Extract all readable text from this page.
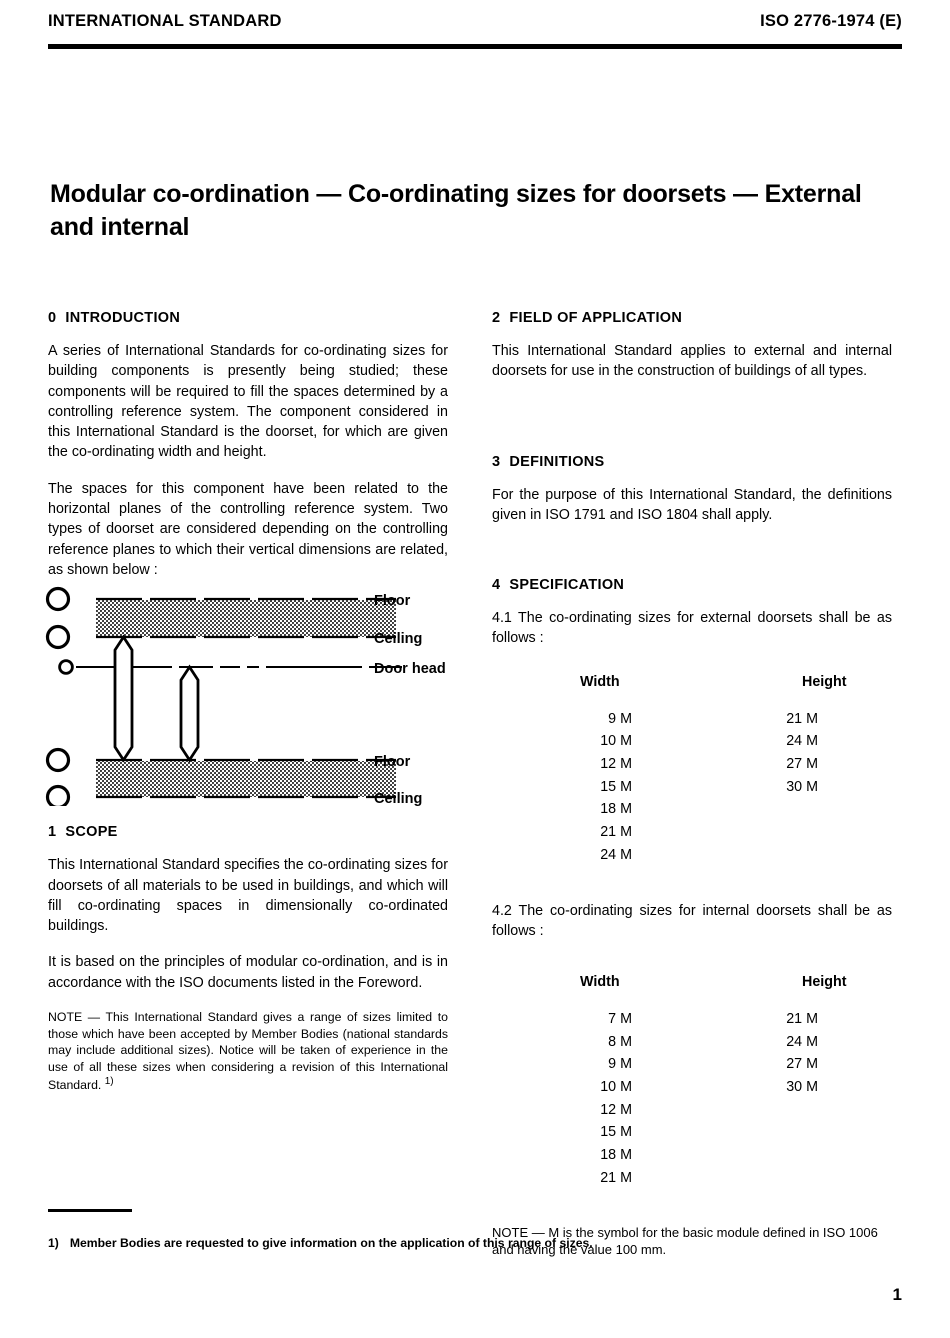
INTERNATIONAL STANDARD	ISO 2776-1974 (E)
Modular co-ordination — Co-ordinating sizes for doorsets — External and internal
0 INTRODUCTION

A series of International Standards for co-ordinating sizes for building components is presently being studied; these components will be required to fill the spaces determined by a controlling reference system. The component considered in this International Standard is the doorset, for which are given the co-ordinating width and height.

The spaces for this component have been related to the horizontal planes of the controlling reference system. Two types of doorset are considered depending on the controlling reference planes to which their vertical dimensions are related, as shown below :

1 SCOPE

This International Standard specifies the co-ordinating sizes for doorsets of all materials to be used in buildings, and which will fill co-ordinating spaces in dimensionally co-ordinated buildings.

It is based on the principles of modular co-ordination, and is in accordance with the ISO documents listed in the Foreword.

NOTE — This International Standard gives a range of sizes limited to those which have been accepted by Member Bodies (national standards may include additional sizes). Notice will be taken of experience in the use of all these sizes when considering a revision of this International Standard. $^{1)}$

2 FIELD OF APPLICATION

This International Standard applies to external and internal doorsets for use in the construction of buildings of all types.

3 DEFINITIONS

For the purpose of this International Standard, the definitions given in ISO 1791 and ISO 1804 shall apply.

4 SPECIFICATION

4.1 The co-ordinating sizes for external doorsets shall be as follows :

Width	Height
9 M	21 M
10 M	24 M
12 M	27 M
15 M	30 M
18 M
21 M
24 M

4.2 The co-ordinating sizes for internal doorsets shall be as follows :

Width	Height
7 M	21 M
8 M	24 M
9 M	27 M
10 M	30 M
12 M
15 M
18 M
21 M

NOTE — M is the symbol for the basic module defined in ISO 1006 and having the value 100 mm.

Floor
Ceiling
Door head
Floor
Ceiling
1) Member Bodies are requested to give information on the application of this range of sizes.
1
